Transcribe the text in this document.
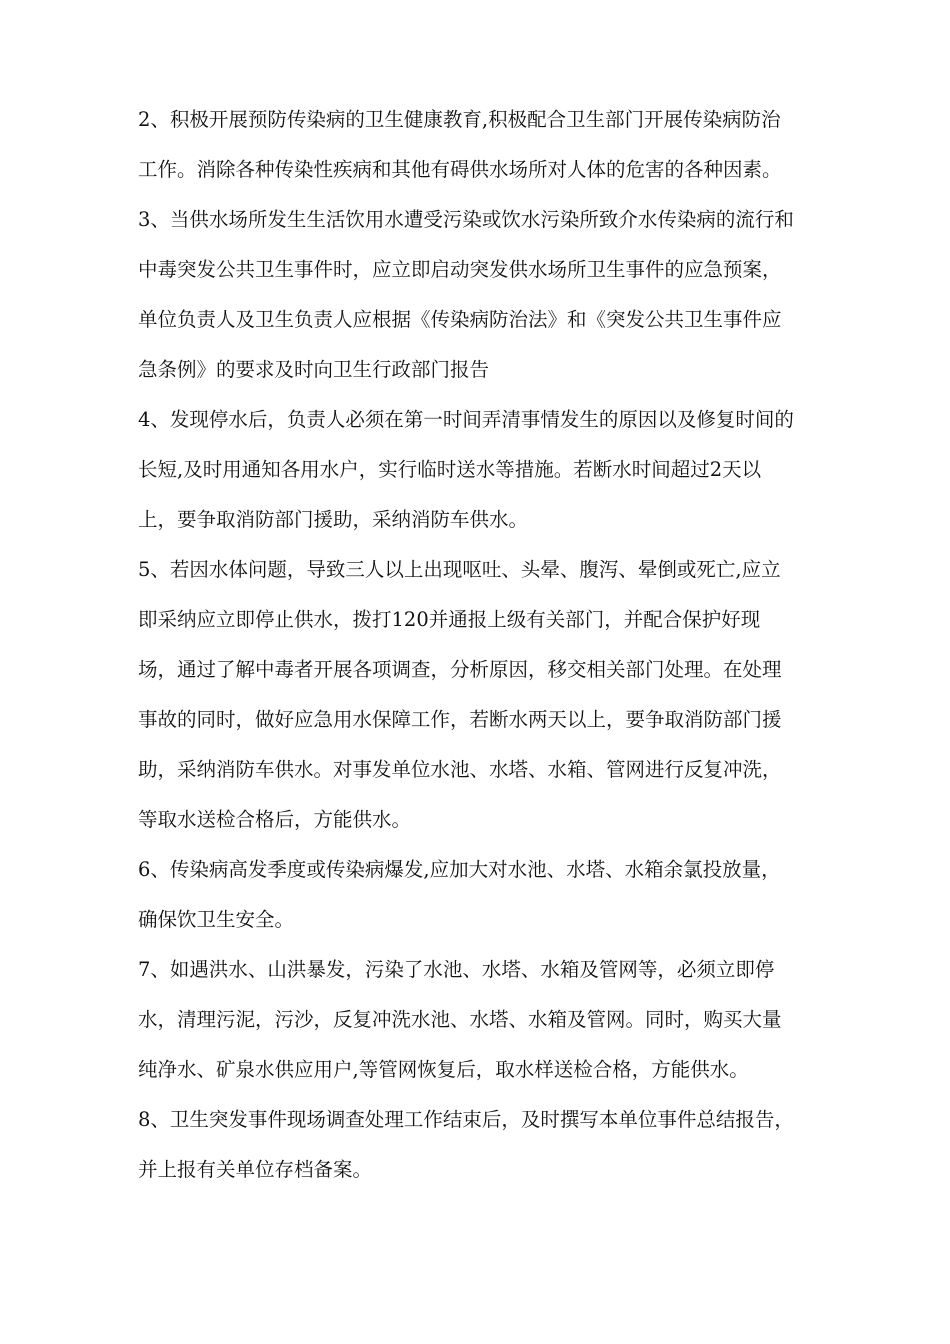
2、积极开展预防传染病的卫生健康教育,积极配合卫生部门开展传染病防治
工作。消除各种传染性疾病和其他有碍供水场所对人体的危害的各种因素。

3、当供水场所发生生活饮用水遭受污染或饮水污染所致介水传染病的流行和
中毒突发公共卫生事件时，应立即启动突发供水场所卫生事件的应急预案，
单位负责人及卫生负责人应根据《传染病防治法》和《突发公共卫生事件应
急条例》的要求及时向卫生行政部门报告

4、发现停水后，负责人必须在第一时间弄清事情发生的原因以及修复时间的
长短,及时用通知各用水户，实行临时送水等措施。若断水时间超过2天以
上，要争取消防部门援助，采纳消防车供水。

5、若因水体问题，导致三人以上出现呕吐、头晕、腹泻、晕倒或死亡,应立
即采纳应立即停止供水，拨打120并通报上级有关部门，并配合保护好现
场，通过了解中毒者开展各项调查，分析原因，移交相关部门处理。在处理
事故的同时，做好应急用水保障工作，若断水两天以上，要争取消防部门援
助，采纳消防车供水。对事发单位水池、水塔、水箱、管网进行反复冲洗，
等取水送检合格后，方能供水。

6、传染病高发季度或传染病爆发,应加大对水池、水塔、水箱余氯投放量，
确保饮卫生安全。

7、如遇洪水、山洪暴发，污染了水池、水塔、水箱及管网等，必须立即停
水，清理污泥，污沙，反复冲洗水池、水塔、水箱及管网。同时，购买大量
纯净水、矿泉水供应用户,等管网恢复后，取水样送检合格，方能供水。

8、卫生突发事件现场调查处理工作结束后，及时撰写本单位事件总结报告，
并上报有关单位存档备案。
